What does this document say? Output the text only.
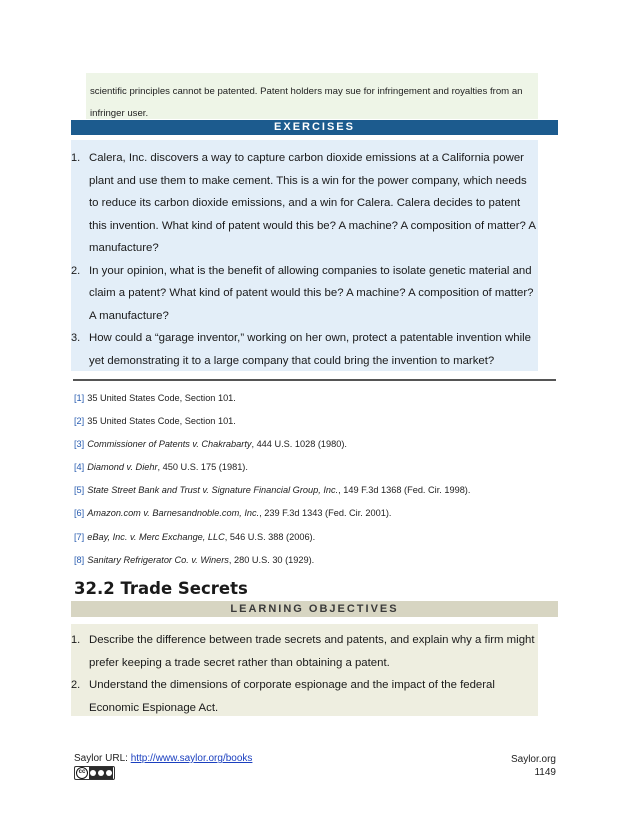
scientific principles cannot be patented. Patent holders may sue for infringement and royalties from an infringer user.
EXERCISES
1. Calera, Inc. discovers a way to capture carbon dioxide emissions at a California power plant and use them to make cement. This is a win for the power company, which needs to reduce its carbon dioxide emissions, and a win for Calera. Calera decides to patent this invention. What kind of patent would this be? A machine? A composition of matter? A manufacture?
2. In your opinion, what is the benefit of allowing companies to isolate genetic material and claim a patent? What kind of patent would this be? A machine? A composition of matter? A manufacture?
3. How could a “garage inventor,” working on her own, protect a patentable invention while yet demonstrating it to a large company that could bring the invention to market?
[1] 35 United States Code, Section 101.
[2] 35 United States Code, Section 101.
[3] Commissioner of Patents v. Chakrabarty, 444 U.S. 1028 (1980).
[4] Diamond v. Diehr, 450 U.S. 175 (1981).
[5] State Street Bank and Trust v. Signature Financial Group, Inc., 149 F.3d 1368 (Fed. Cir. 1998).
[6] Amazon.com v. Barnesandnoble.com, Inc., 239 F.3d 1343 (Fed. Cir. 2001).
[7] eBay, Inc. v. Merc Exchange, LLC, 546 U.S. 388 (2006).
[8] Sanitary Refrigerator Co. v. Winers, 280 U.S. 30 (1929).
32.2 Trade Secrets
LEARNING OBJECTIVES
1. Describe the difference between trade secrets and patents, and explain why a firm might prefer keeping a trade secret rather than obtaining a patent.
2. Understand the dimensions of corporate espionage and the impact of the federal Economic Espionage Act.
Saylor URL: http://www.saylor.org/books
cc
Saylor.org
1149
